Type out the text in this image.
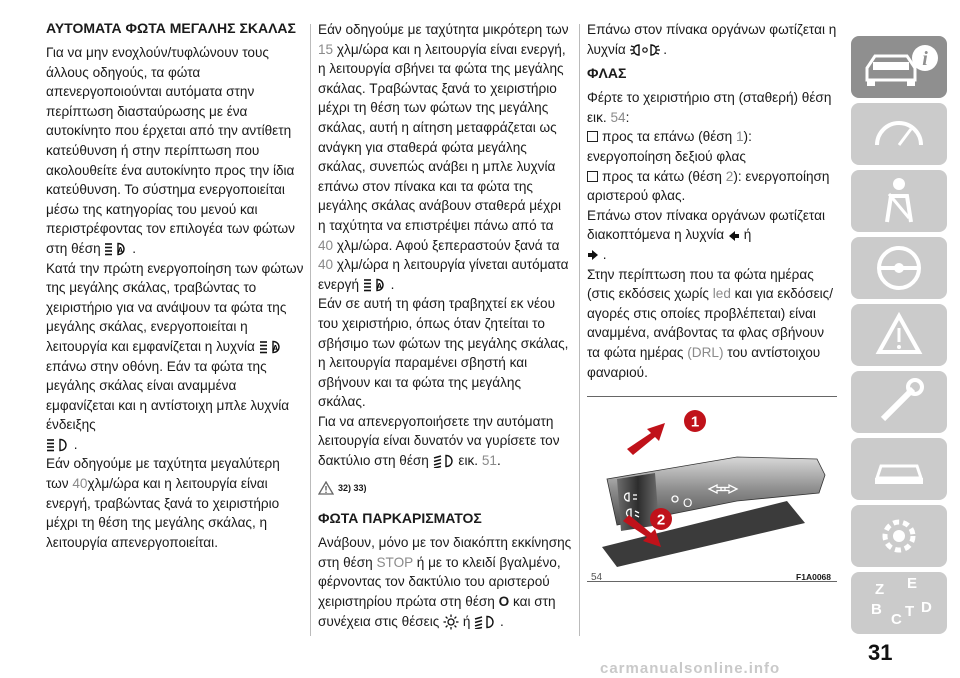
ΑΥΤΟΜΑΤΑ ΦΩΤΑ ΜΕΓΑΛΗΣ ΣΚΑΛΑΣ

Για να μην ενοχλούν/τυφλώνουν τους άλλους οδηγούς, τα φώτα απενεργοποιούνται αυτόματα στην περίπτωση διασταύρωσης με ένα αυτοκίνητο που έρχεται από την αντίθετη κατεύθυνση ή στην περίπτωση που ακολουθείτε ένα αυτοκίνητο προς την ίδια κατεύθυνση. Το σύστημα ενεργοποιείται μέσω της κατηγορίας του μενού και περιστρέφοντας τον επιλογέα των φώτων στη θέση A .

Κατά την πρώτη ενεργοποίηση των φώτων της μεγάλης σκάλας, τραβώντας το χειριστήριο για να ανάψουν τα φώτα της μεγάλης σκάλας, ενεργοποιείται η λειτουργία και εμφανίζεται η λυχνία A
επάνω στην οθόνη. Εάν τα φώτα της μεγάλης σκάλας είναι αναμμένα εμφανίζεται και η αντίστοιχη μπλε λυχνία ένδειξης
.

Εάν οδηγούμε με ταχύτητα μεγαλύτερη των 40χλμ/ώρα και η λειτουργία είναι ενεργή, τραβώντας ξανά το χειριστήριο μέχρι τη θέση της μεγάλης σκάλας, η λειτουργία απενεργοποιείται.

Εάν οδηγούμε με ταχύτητα μικρότερη των 15 χλμ/ώρα και η λειτουργία είναι ενεργή, η λειτουργία σβήνει τα φώτα της μεγάλης σκάλας. Τραβώντας ξανά το χειριστήριο μέχρι τη θέση των φώτων της μεγάλης σκάλας, αυτή η αίτηση μεταφράζεται ως ανάγκη για σταθερά φώτα μεγάλης σκάλας, συνεπώς ανάβει η μπλε λυχνία επάνω στον πίνακα και τα φώτα της μεγάλης σκάλας ανάβουν σταθερά μέχρι η ταχύτητα να επιστρέψει πάνω από τα 40 χλμ/ώρα. Αφού ξεπεραστούν ξανά τα 40 χλμ/ώρα η λειτουργία γίνεται αυτόματα ενεργή A .

Εάν σε αυτή τη φάση τραβηχτεί εκ νέου του χειριστήριο, όπως όταν ζητείται το σβήσιμο των φώτων της μεγάλης σκάλας, η λειτουργία παραμένει σβηστή και σβήνουν και τα φώτα της μεγάλης σκάλας.

Για να απενεργοποιήσετε την αυτόματη λειτουργία είναι δυνατόν να γυρίσετε τον δακτύλιο στη θέση εικ. 51.

32) 33)
ΦΩΤΑ ΠΑΡΚΑΡΙΣΜΑΤΟΣ

Ανάβουν, μόνο με τον διακόπτη εκκίνησης στη θέση STOP ή με το κλειδί βγαλμένο, φέρνοντας τον δακτύλιο του αριστερού χειριστηρίου πρώτα στη θέση O και στη συνέχεια στις θέσεις ή .

Επάνω στον πίνακα οργάνων φωτίζεται η λυχνία	.

ΦΛΑΣ

Φέρτε το χειριστήριο στη (σταθερή) θέση εικ. 54:

προς τα επάνω (θέση 1): ενεργοποίηση δεξιού φλας

προς τα κάτω (θέση 2): ενεργοποίηση αριστερού φλας.

Επάνω στον πίνακα οργάνων φωτίζεται διακοπτόμενα η λυχνία ή
.

Στην περίπτωση που τα φώτα ημέρας (στις εκδόσεις χωρίς led και για εκδόσεις/αγορές στις οποίες προβλέπεται) είναι αναμμένα, ανάβοντας τα φλας σβήνουν τα φώτα ημέρας (DRL) του αντίστοιχου φαναριού.

O
1
2
54	F1A0068
i
Z E
B
C T D
31
carmanualsonline.info
